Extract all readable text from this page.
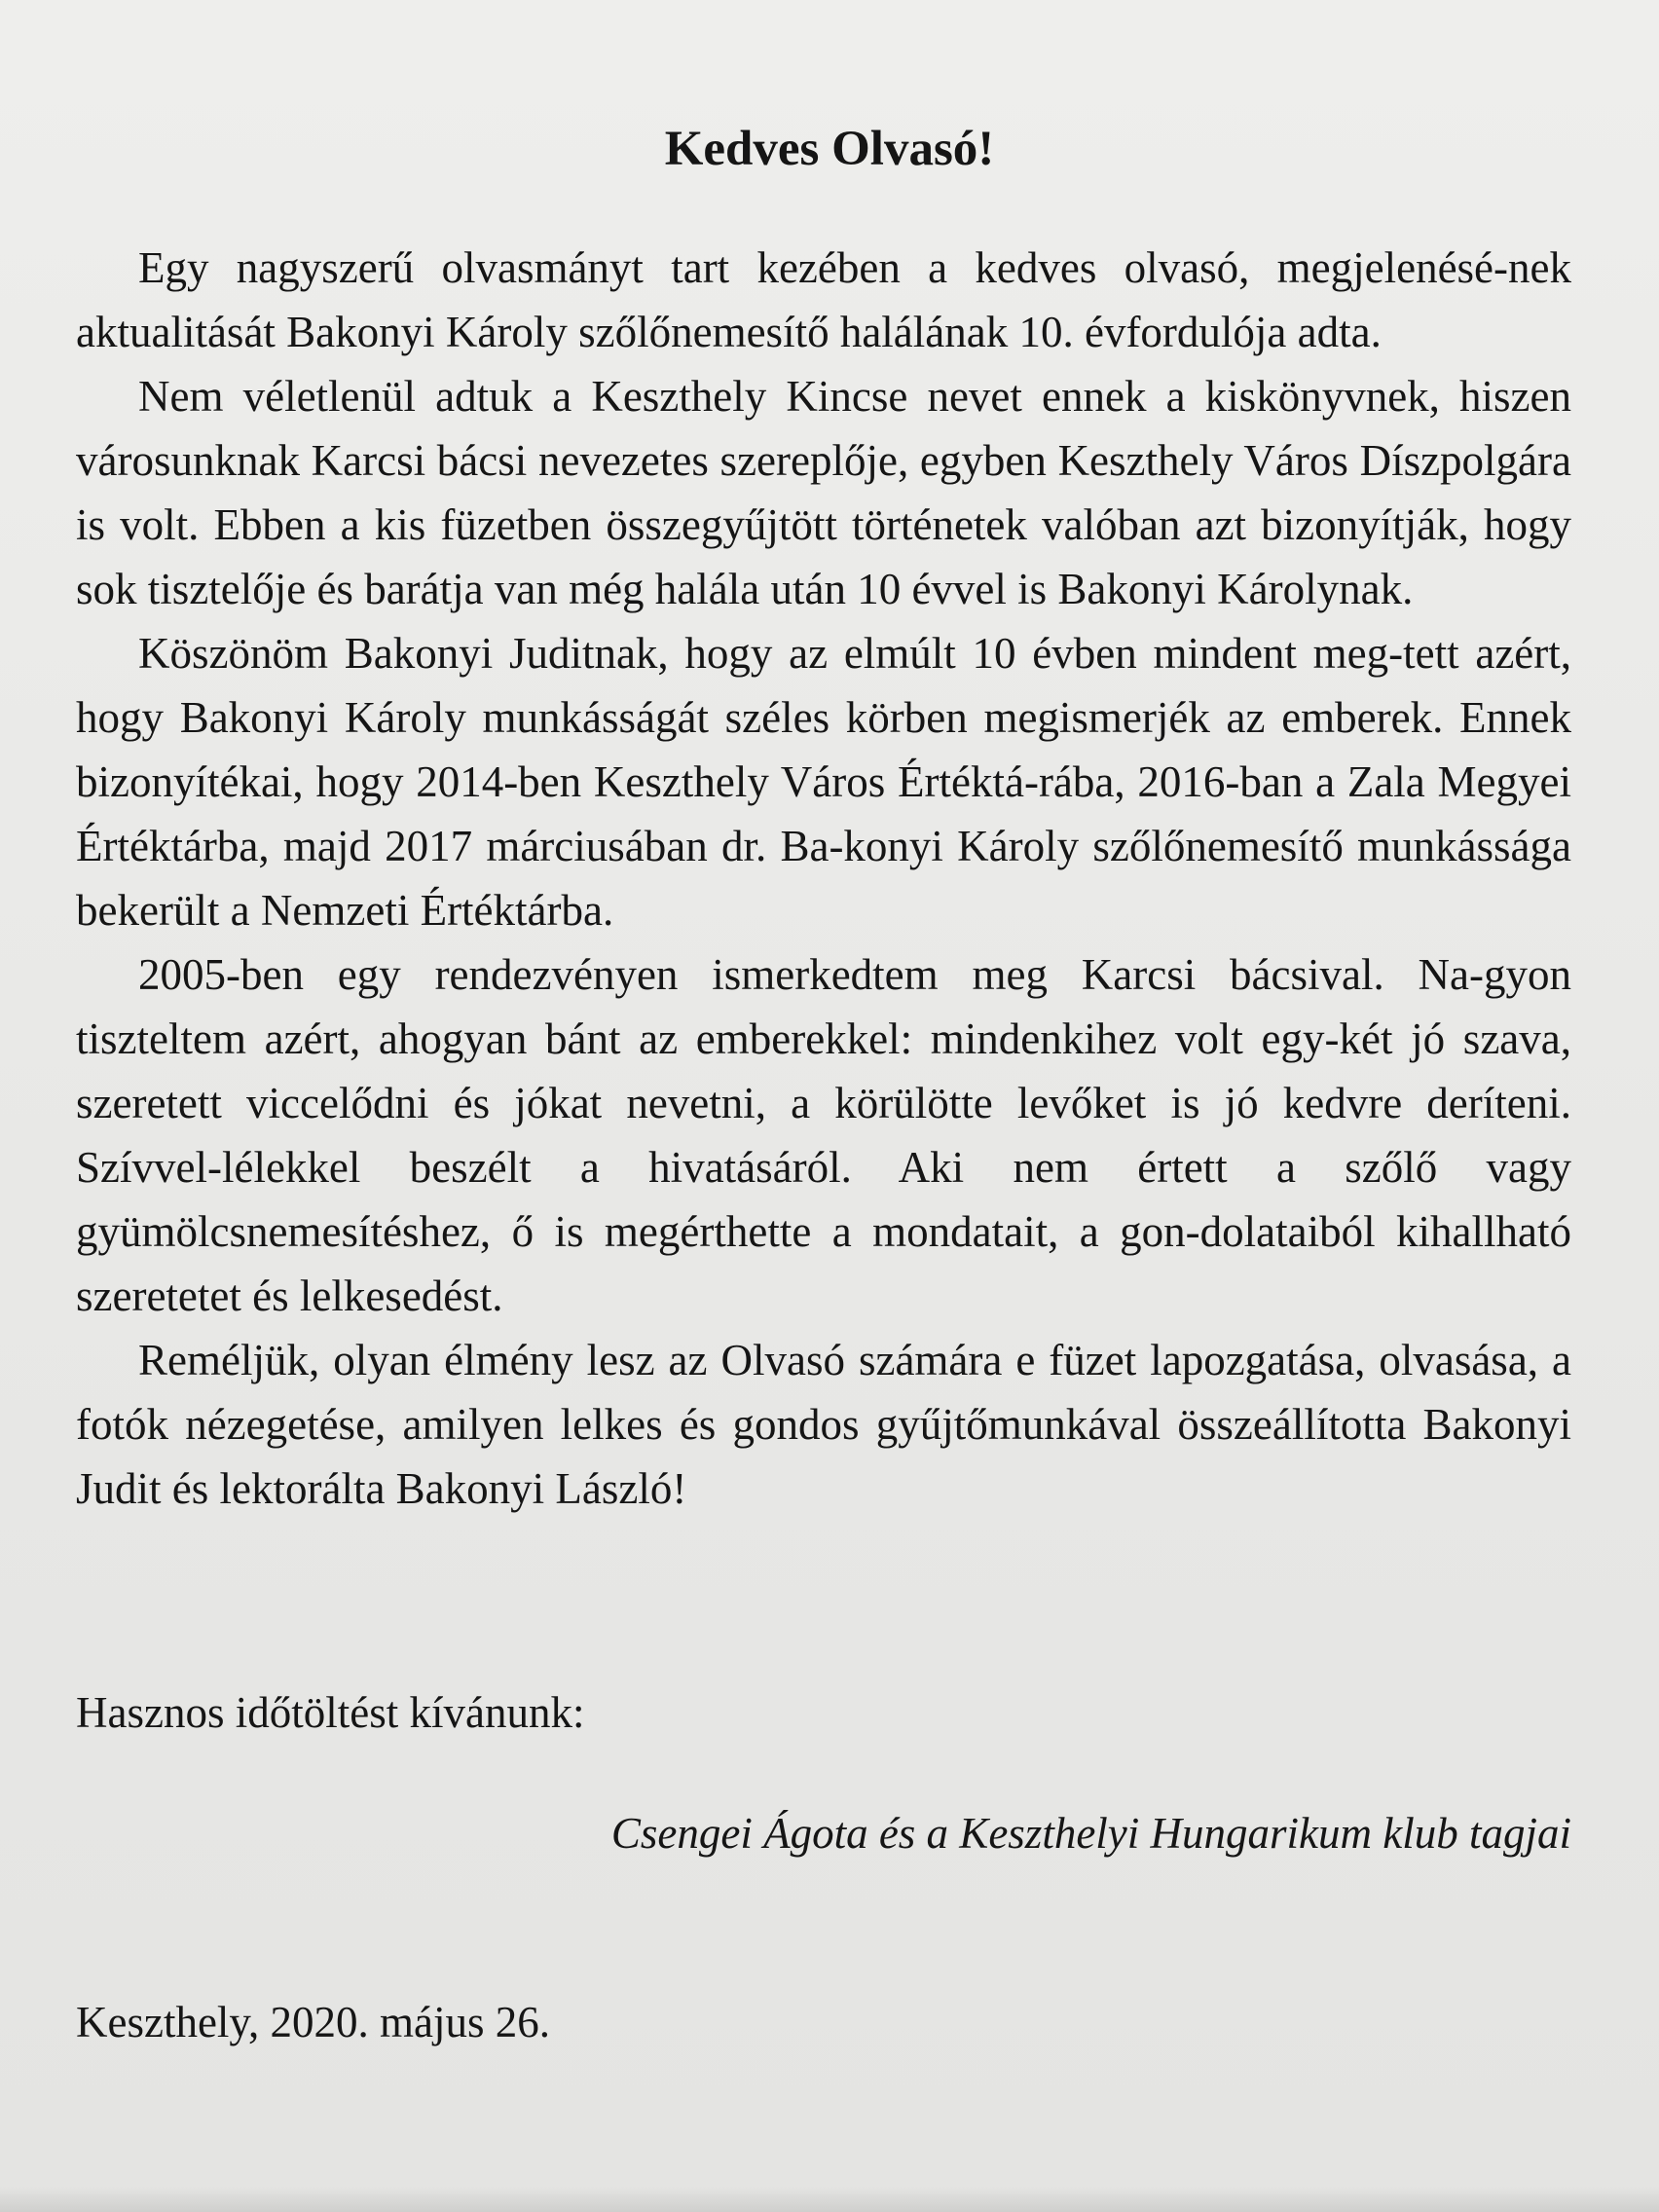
Kedves Olvasó!

Egy nagyszerű olvasmányt tart kezében a kedves olvasó, megjelenésé-nek aktualitását Bakonyi Károly szőlőnemesítő halálának 10. évfordulója adta.

Nem véletlenül adtuk a Keszthely Kincse nevet ennek a kiskönyvnek, hiszen városunknak Karcsi bácsi nevezetes szereplője, egyben Keszthely Város Díszpolgára is volt. Ebben a kis füzetben összegyűjtött történetek valóban azt bizonyítják, hogy sok tisztelője és barátja van még halála után 10 évvel is Bakonyi Károlynak.

Köszönöm Bakonyi Juditnak, hogy az elmúlt 10 évben mindent meg-tett azért, hogy Bakonyi Károly munkásságát széles körben megismerjék az emberek. Ennek bizonyítékai, hogy 2014-ben Keszthely Város Értéktá-rába, 2016-ban a Zala Megyei Értéktárba, majd 2017 márciusában dr. Ba-konyi Károly szőlőnemesítő munkássága bekerült a Nemzeti Értéktárba.

2005-ben egy rendezvényen ismerkedtem meg Karcsi bácsival. Na-gyon tiszteltem azért, ahogyan bánt az emberekkel: mindenkihez volt egy-két jó szava, szeretett viccelődni és jókat nevetni, a körülötte levőket is jó kedvre deríteni. Szívvel-lélekkel beszélt a hivatásáról. Aki nem értett a szőlő vagy gyümölcsnemesítéshez, ő is megérthette a mondatait, a gon-dolataiból kihallható szeretetet és lelkesedést.

Reméljük, olyan élmény lesz az Olvasó számára e füzet lapozgatása, olvasása, a fotók nézegetése, amilyen lelkes és gondos gyűjtőmunkával összeállította Bakonyi Judit és lektorálta Bakonyi László!

Hasznos időtöltést kívánunk:

Csengei Ágota és a Keszthelyi Hungarikum klub tagjai

Keszthely, 2020. május 26.
